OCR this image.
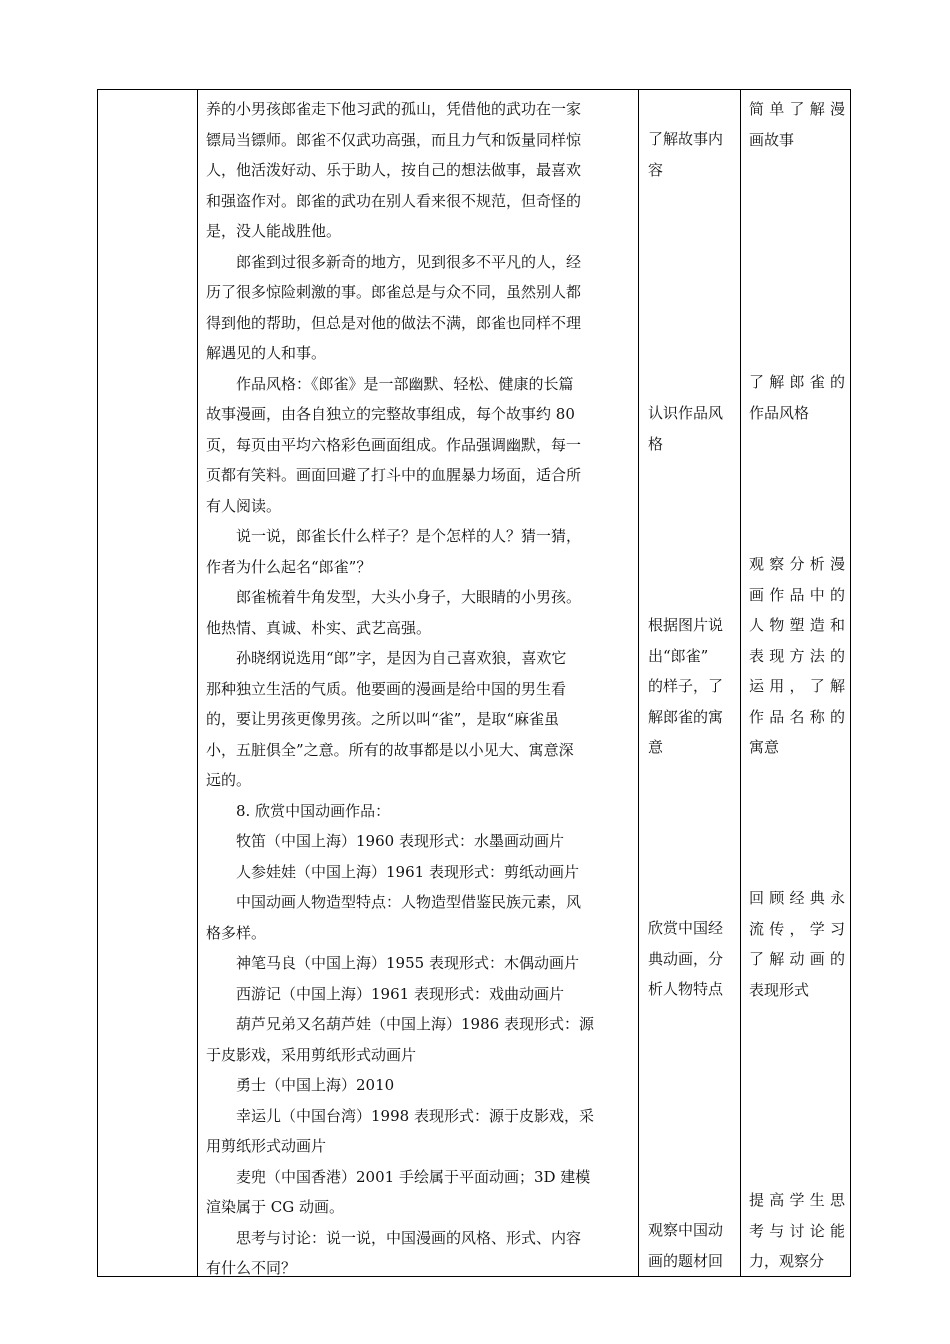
养的小男孩郎雀走下他习武的孤山，凭借他的武功在一家

镖局当镖师。郎雀不仅武功高强，而且力气和饭量同样惊

人，他活泼好动、乐于助人，按自己的想法做事，最喜欢

和强盗作对。郎雀的武功在别人看来很不规范，但奇怪的

是，没人能战胜他。

郎雀到过很多新奇的地方，见到很多不平凡的人，经

历了很多惊险刺激的事。郎雀总是与众不同，虽然别人都

得到他的帮助，但总是对他的做法不满，郎雀也同样不理

解遇见的人和事。

作品风格：《郎雀》是一部幽默、轻松、健康的长篇

故事漫画，由各自独立的完整故事组成，每个故事约 80

页，每页由平均六格彩色画面组成。作品强调幽默，每一

页都有笑料。画面回避了打斗中的血腥暴力场面，适合所

有人阅读。

说一说，郎雀长什么样子？是个怎样的人？猜一猜，

作者为什么起名“郎雀”？

郎雀梳着牛角发型，大头小身子，大眼睛的小男孩。

他热情、真诚、朴实、武艺高强。

孙晓纲说选用“郎”字，是因为自己喜欢狼，喜欢它

那种独立生活的气质。他要画的漫画是给中国的男生看

的，要让男孩更像男孩。之所以叫“雀”，是取“麻雀虽

小，五脏俱全”之意。所有的故事都是以小见大、寓意深

远的。

8. 欣赏中国动画作品：

牧笛（中国上海）1960 表现形式：水墨画动画片

人参娃娃（中国上海）1961 表现形式：剪纸动画片

中国动画人物造型特点：人物造型借鉴民族元素，风

格多样。

神笔马良（中国上海）1955 表现形式：木偶动画片

西游记（中国上海）1961 表现形式：戏曲动画片

葫芦兄弟又名葫芦娃（中国上海）1986 表现形式：源

于皮影戏，采用剪纸形式动画片

勇士（中国上海）2010

幸运儿（中国台湾）1998 表现形式：源于皮影戏，采

用剪纸形式动画片

麦兜（中国香港）2001 手绘属于平面动画；3D 建模

渲染属于 CG 动画。

思考与讨论：说一说，中国漫画的风格、形式、内容

有什么不同？

了解故事内

容

认识作品风

格

根据图片说

出“郎雀”

的样子，了

解郎雀的寓

意

欣赏中国经

典动画，分

析人物特点

观察中国动

画的题材回

简单了解漫

画故事

了解郎雀的

作品风格

观察分析漫

画作品中的

人物塑造和

表现方法的

运用，了解

作品名称的

寓意

回顾经典永

流传，学习

了解动画的

表现形式

提高学生思

考与讨论能

力，观察分
